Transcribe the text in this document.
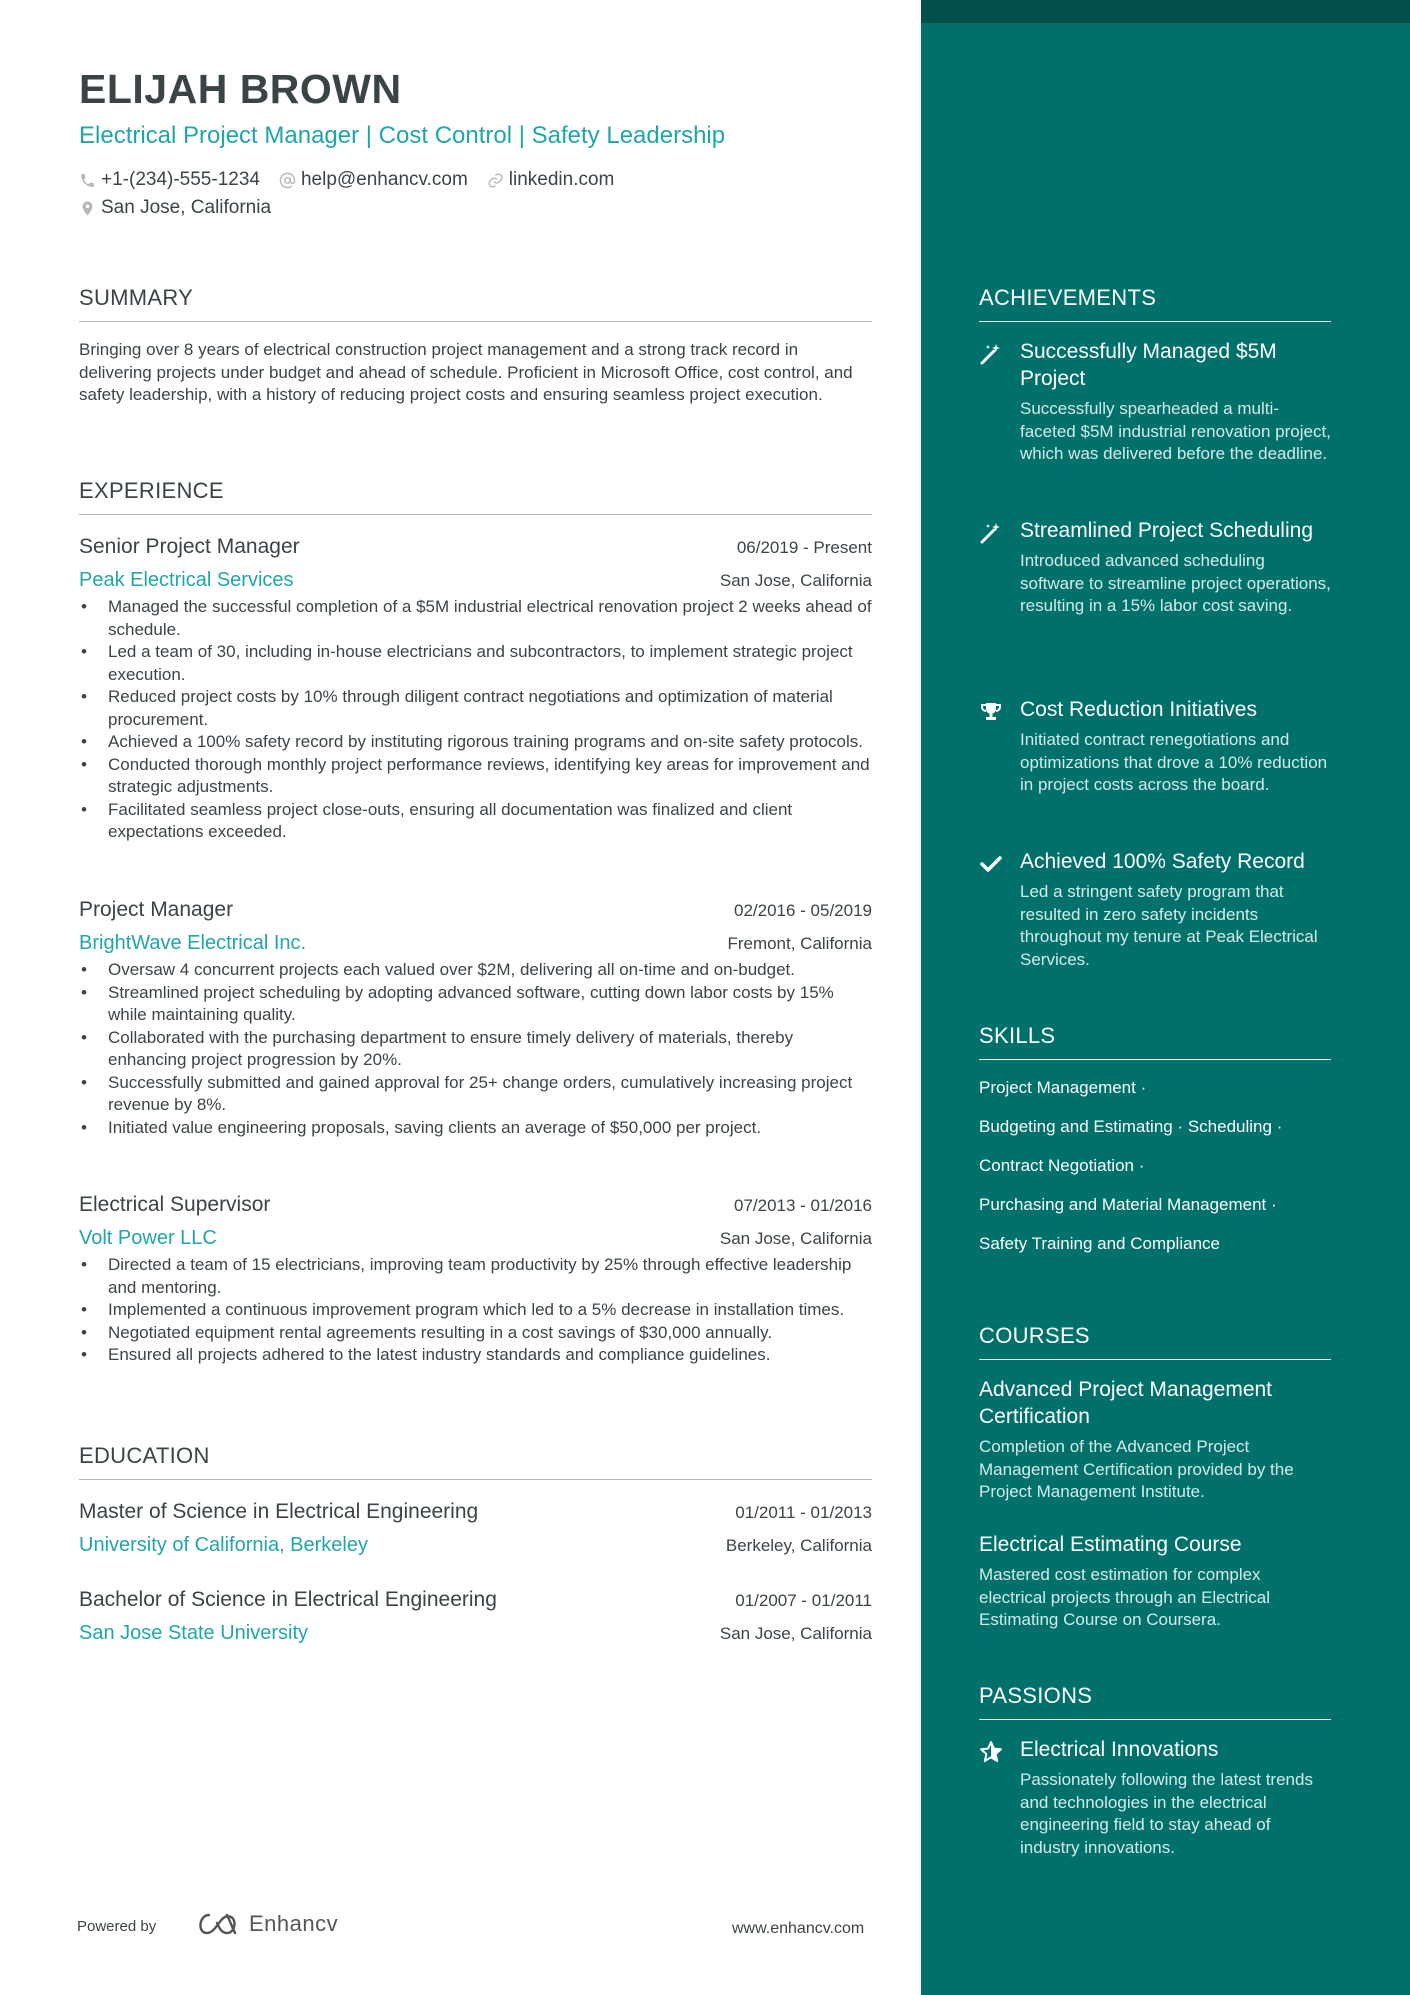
ELIJAH BROWN
Electrical Project Manager | Cost Control | Safety Leadership
+1-(234)-555-1234 help@enhancv.com linkedin.com
San Jose, California
SUMMARY
Bringing over 8 years of electrical construction project management and a strong track record in delivering projects under budget and ahead of schedule. Proficient in Microsoft Office, cost control, and safety leadership, with a history of reducing project costs and ensuring seamless project execution.
EXPERIENCE
Senior Project Manager	06/2019 - Present
Peak Electrical Services	San Jose, California
• Managed the successful completion of a $5M industrial electrical renovation project 2 weeks ahead of schedule.
• Led a team of 30, including in-house electricians and subcontractors, to implement strategic project execution.
• Reduced project costs by 10% through diligent contract negotiations and optimization of material procurement.
• Achieved a 100% safety record by instituting rigorous training programs and on-site safety protocols.
• Conducted thorough monthly project performance reviews, identifying key areas for improvement and strategic adjustments.
• Facilitated seamless project close-outs, ensuring all documentation was finalized and client expectations exceeded.
Project Manager	02/2016 - 05/2019
BrightWave Electrical Inc.	Fremont, California
• Oversaw 4 concurrent projects each valued over $2M, delivering all on-time and on-budget.
• Streamlined project scheduling by adopting advanced software, cutting down labor costs by 15% while maintaining quality.
• Collaborated with the purchasing department to ensure timely delivery of materials, thereby enhancing project progression by 20%.
• Successfully submitted and gained approval for 25+ change orders, cumulatively increasing project revenue by 8%.
• Initiated value engineering proposals, saving clients an average of $50,000 per project.
Electrical Supervisor	07/2013 - 01/2016
Volt Power LLC	San Jose, California
• Directed a team of 15 electricians, improving team productivity by 25% through effective leadership and mentoring.
• Implemented a continuous improvement program which led to a 5% decrease in installation times.
• Negotiated equipment rental agreements resulting in a cost savings of $30,000 annually.
• Ensured all projects adhered to the latest industry standards and compliance guidelines.
EDUCATION
Master of Science in Electrical Engineering	01/2011 - 01/2013
University of California, Berkeley	Berkeley, California
Bachelor of Science in Electrical Engineering	01/2007 - 01/2011
San Jose State University	San Jose, California
Powered by	Enhancv	www.enhancv.com
ACHIEVEMENTS
Successfully Managed $5M Project
Successfully spearheaded a multi-faceted $5M industrial renovation project, which was delivered before the deadline.
Streamlined Project Scheduling
Introduced advanced scheduling software to streamline project operations, resulting in a 15% labor cost saving.
Cost Reduction Initiatives
Initiated contract renegotiations and optimizations that drove a 10% reduction in project costs across the board.
Achieved 100% Safety Record
Led a stringent safety program that resulted in zero safety incidents throughout my tenure at Peak Electrical Services.
SKILLS
Project Management ·
Budgeting and Estimating · Scheduling ·
Contract Negotiation ·
Purchasing and Material Management ·
Safety Training and Compliance
COURSES
Advanced Project Management Certification
Completion of the Advanced Project Management Certification provided by the Project Management Institute.
Electrical Estimating Course
Mastered cost estimation for complex electrical projects through an Electrical Estimating Course on Coursera.
PASSIONS
Electrical Innovations
Passionately following the latest trends and technologies in the electrical engineering field to stay ahead of industry innovations.
